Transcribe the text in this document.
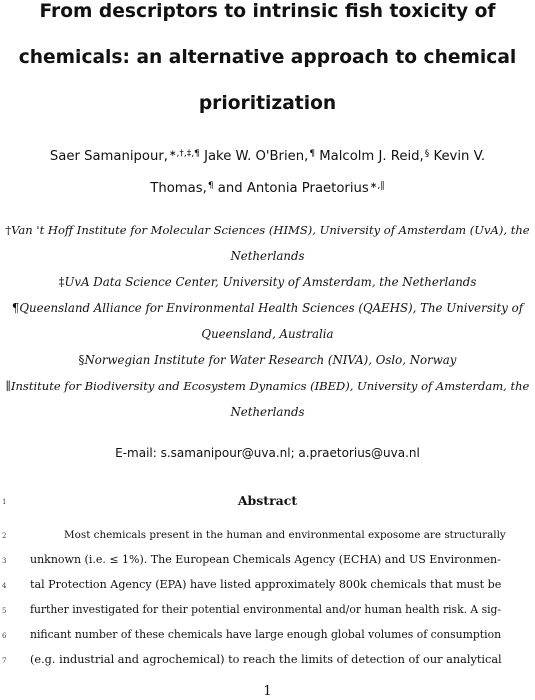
From descriptors to intrinsic fish toxicity of
chemicals: an alternative approach to chemical
prioritization
Saer Samanipour,∗,†,‡,¶ Jake W. O'Brien,¶ Malcolm J. Reid,§ Kevin V.
Thomas,¶ and Antonia Praetorius∗,∥
†Van 't Hoff Institute for Molecular Sciences (HIMS), University of Amsterdam (UvA), the
Netherlands
‡UvA Data Science Center, University of Amsterdam, the Netherlands
¶Queensland Alliance for Environmental Health Sciences (QAEHS), The University of
Queensland, Australia
§Norwegian Institute for Water Research (NIVA), Oslo, Norway
∥Institute for Biodiversity and Ecosystem Dynamics (IBED), University of Amsterdam, the
Netherlands
E-mail: s.samanipour@uva.nl; a.praetorius@uva.nl
1	Abstract
2	Most chemicals present in the human and environmental exposome are structurally
3	unknown (i.e. ≤ 1%). The European Chemicals Agency (ECHA) and US Environmen-
4	tal Protection Agency (EPA) have listed approximately 800k chemicals that must be
5	further investigated for their potential environmental and/or human health risk. A sig-
6	nificant number of these chemicals have large enough global volumes of consumption
7	(e.g. industrial and agrochemical) to reach the limits of detection of our analytical
1
